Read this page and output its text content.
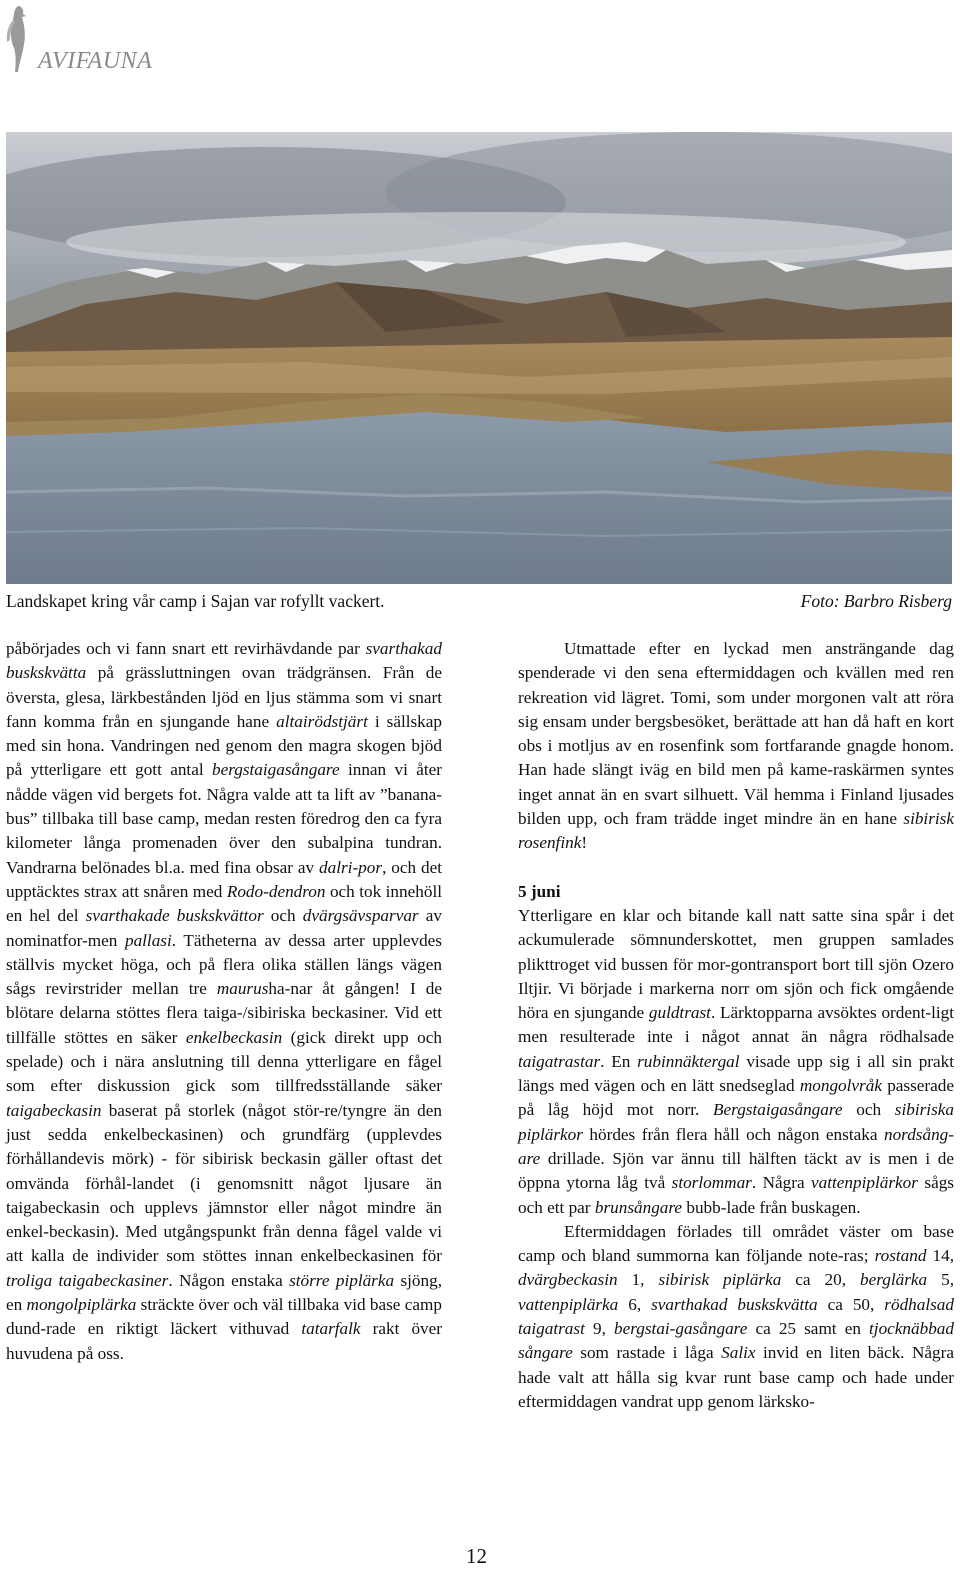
AVIFAUNA
Landskapet kring vår camp i Sajan var rofyllt vackert.	Foto: Barbro Risberg

påbörjades och vi fann snart ett revirhävdande par svarthakad buskskvätta på grässluttningen ovan trädgränsen. Från de översta, glesa, lärkbestånden ljöd en ljus stämma som vi snart fann komma från en sjungande hane altairödstjärt i sällskap med sin hona. Vandringen ned genom den magra skogen bjöd på ytterligare ett gott antal bergstaigasångare innan vi åter nådde vägen vid bergets fot. Några valde att ta lift av ”banana-bus” tillbaka till base camp, medan resten föredrog den ca fyra kilometer långa promenaden över den subalpina tundran. Vandrarna belönades bl.a. med fina obsar av dalri-por, och det upptäcktes strax att snåren med Rodo-dendron och tok innehöll en hel del svarthakade buskskvättor och dvärgsävsparvar av nominatfor-men pallasi. Tätheterna av dessa arter upplevdes ställvis mycket höga, och på flera olika ställen längs vägen sågs revirstrider mellan tre maurusha-nar åt gången! I de blötare delarna stöttes flera taiga-/sibiriska beckasiner. Vid ett tillfälle stöttes en säker enkelbeckasin (gick direkt upp och spelade) och i nära anslutning till denna ytterligare en fågel som efter diskussion gick som tillfredsställande säker taigabeckasin baserat på storlek (något stör-re/tyngre än den just sedda enkelbeckasinen) och grundfärg (upplevdes förhållandevis mörk) - för sibirisk beckasin gäller oftast det omvända förhål-landet (i genomsnitt något ljusare än taigabeckasin och upplevs jämnstor eller något mindre än enkel-beckasin). Med utgångspunkt från denna fågel valde vi att kalla de individer som stöttes innan enkelbeckasinen för troliga taigabeckasiner. Någon enstaka större piplärka sjöng, en mongolpiplärka sträckte över och väl tillbaka vid base camp dund-rade en riktigt läckert vithuvad tatarfalk rakt över huvudena på oss.

Utmattade efter en lyckad men ansträngande dag spenderade vi den sena eftermiddagen och kvällen med ren rekreation vid lägret. Tomi, som under morgonen valt att röra sig ensam under bergsbesöket, berättade att han då haft en kort obs i motljus av en rosenfink som fortfarande gnagde honom. Han hade slängt iväg en bild men på kame-raskärmen syntes inget annat än en svart silhuett. Väl hemma i Finland ljusades bilden upp, och fram trädde inget mindre än en hane sibirisk rosenfink!

5 juni

Ytterligare en klar och bitande kall natt satte sina spår i det ackumulerade sömnunderskottet, men gruppen samlades plikttroget vid bussen för mor-gontransport bort till sjön Ozero Iltjir. Vi började i markerna norr om sjön och fick omgående höra en sjungande guldtrast. Lärktopparna avsöktes ordent-ligt men resulterade inte i något annat än några rödhalsade taigatrastar. En rubinnäktergal visade upp sig i all sin prakt längs med vägen och en lätt snedseglad mongolvråk passerade på låg höjd mot norr. Bergstaigasångare och sibiriska piplärkor hördes från flera håll och någon enstaka nordsång-are drillade. Sjön var ännu till hälften täckt av is men i de öppna ytorna låg två storlommar. Några vattenpiplärkor sågs och ett par brunsångare bubb-lade från buskagen.

Eftermiddagen förlades till området väster om base camp och bland summorna kan följande note-ras; rostand 14, dvärgbeckasin 1, sibirisk piplärka ca 20, berglärka 5, vattenpiplärka 6, svarthakad buskskvätta ca 50, rödhalsad taigatrast 9, bergstai-gasångare ca 25 samt en tjocknäbbad sångare som rastade i låga Salix invid en liten bäck. Några hade valt att hålla sig kvar runt base camp och hade under eftermiddagen vandrat upp genom lärksko-

12
